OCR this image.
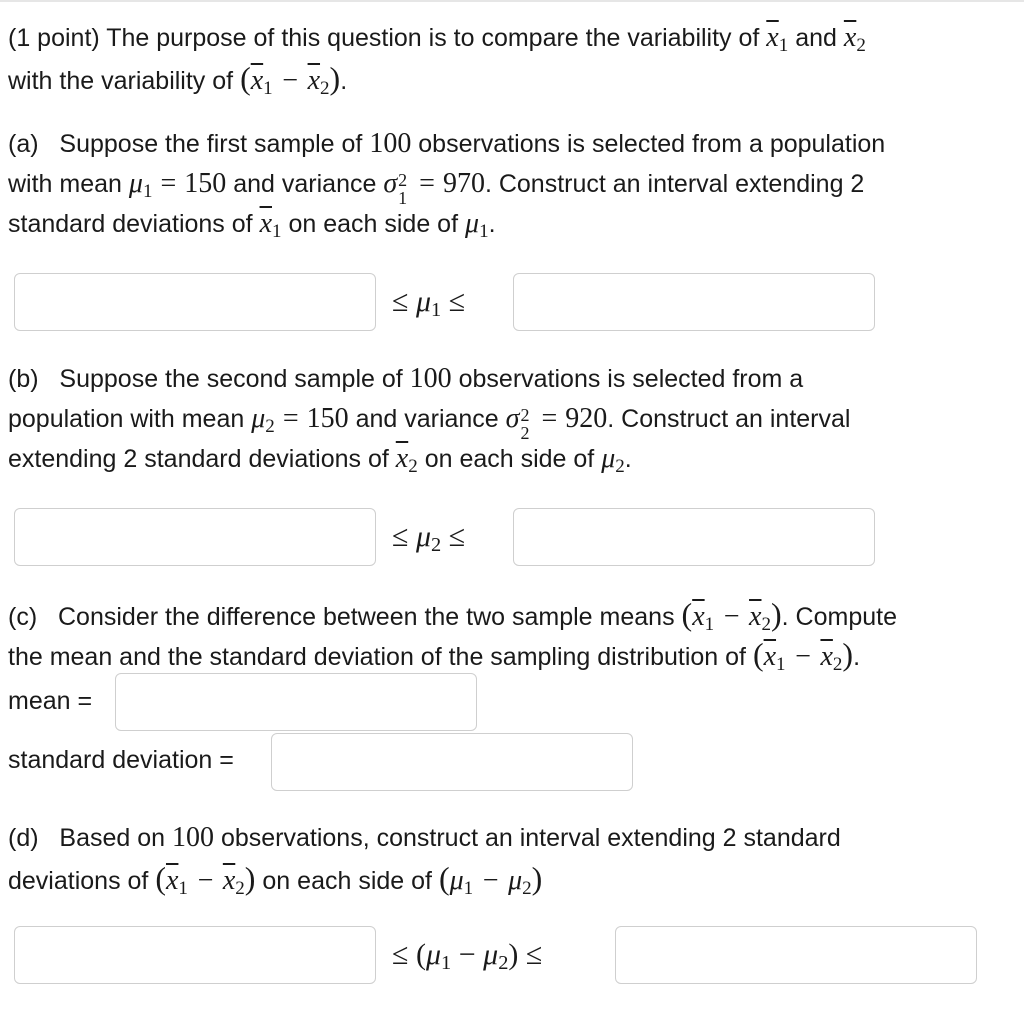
(1 point) The purpose of this question is to compare the variability of $\overline{x}_1$ and $\overline{x}_2$
with the variability of $(\overline{x}_1 - \overline{x}_2)$.
(a) Suppose the first sample of 100 observations is selected from a population
with mean $\mu_1 = 150$ and variance σ 2
1 = 970. Construct an interval extending 2
standard deviations of $\overline{x}_1$ on each side of $\mu_1$.
≤ $\mu_1$ ≤
(b) Suppose the second sample of 100 observations is selected from a
population with mean $\mu_2 = 150$ and variance σ 2
2 = 920. Construct an interval
extending 2 standard deviations of $\overline{x}_2$ on each side of $\mu_2$.
≤ $\mu_2$ ≤
(c) Consider the difference between the two sample means $(\overline{x}_1 - \overline{x}_2)$. Compute
the mean and the standard deviation of the sampling distribution of $(\overline{x}_1 - \overline{x}_2)$.
mean =
standard deviation =
(d) Based on 100 observations, construct an interval extending 2 standard
deviations of $(\overline{x}_1 - \overline{x}_2)$ on each side of $(\mu_1 - \mu_2)$
≤ $(\mu_1 - \mu_2)$ ≤
